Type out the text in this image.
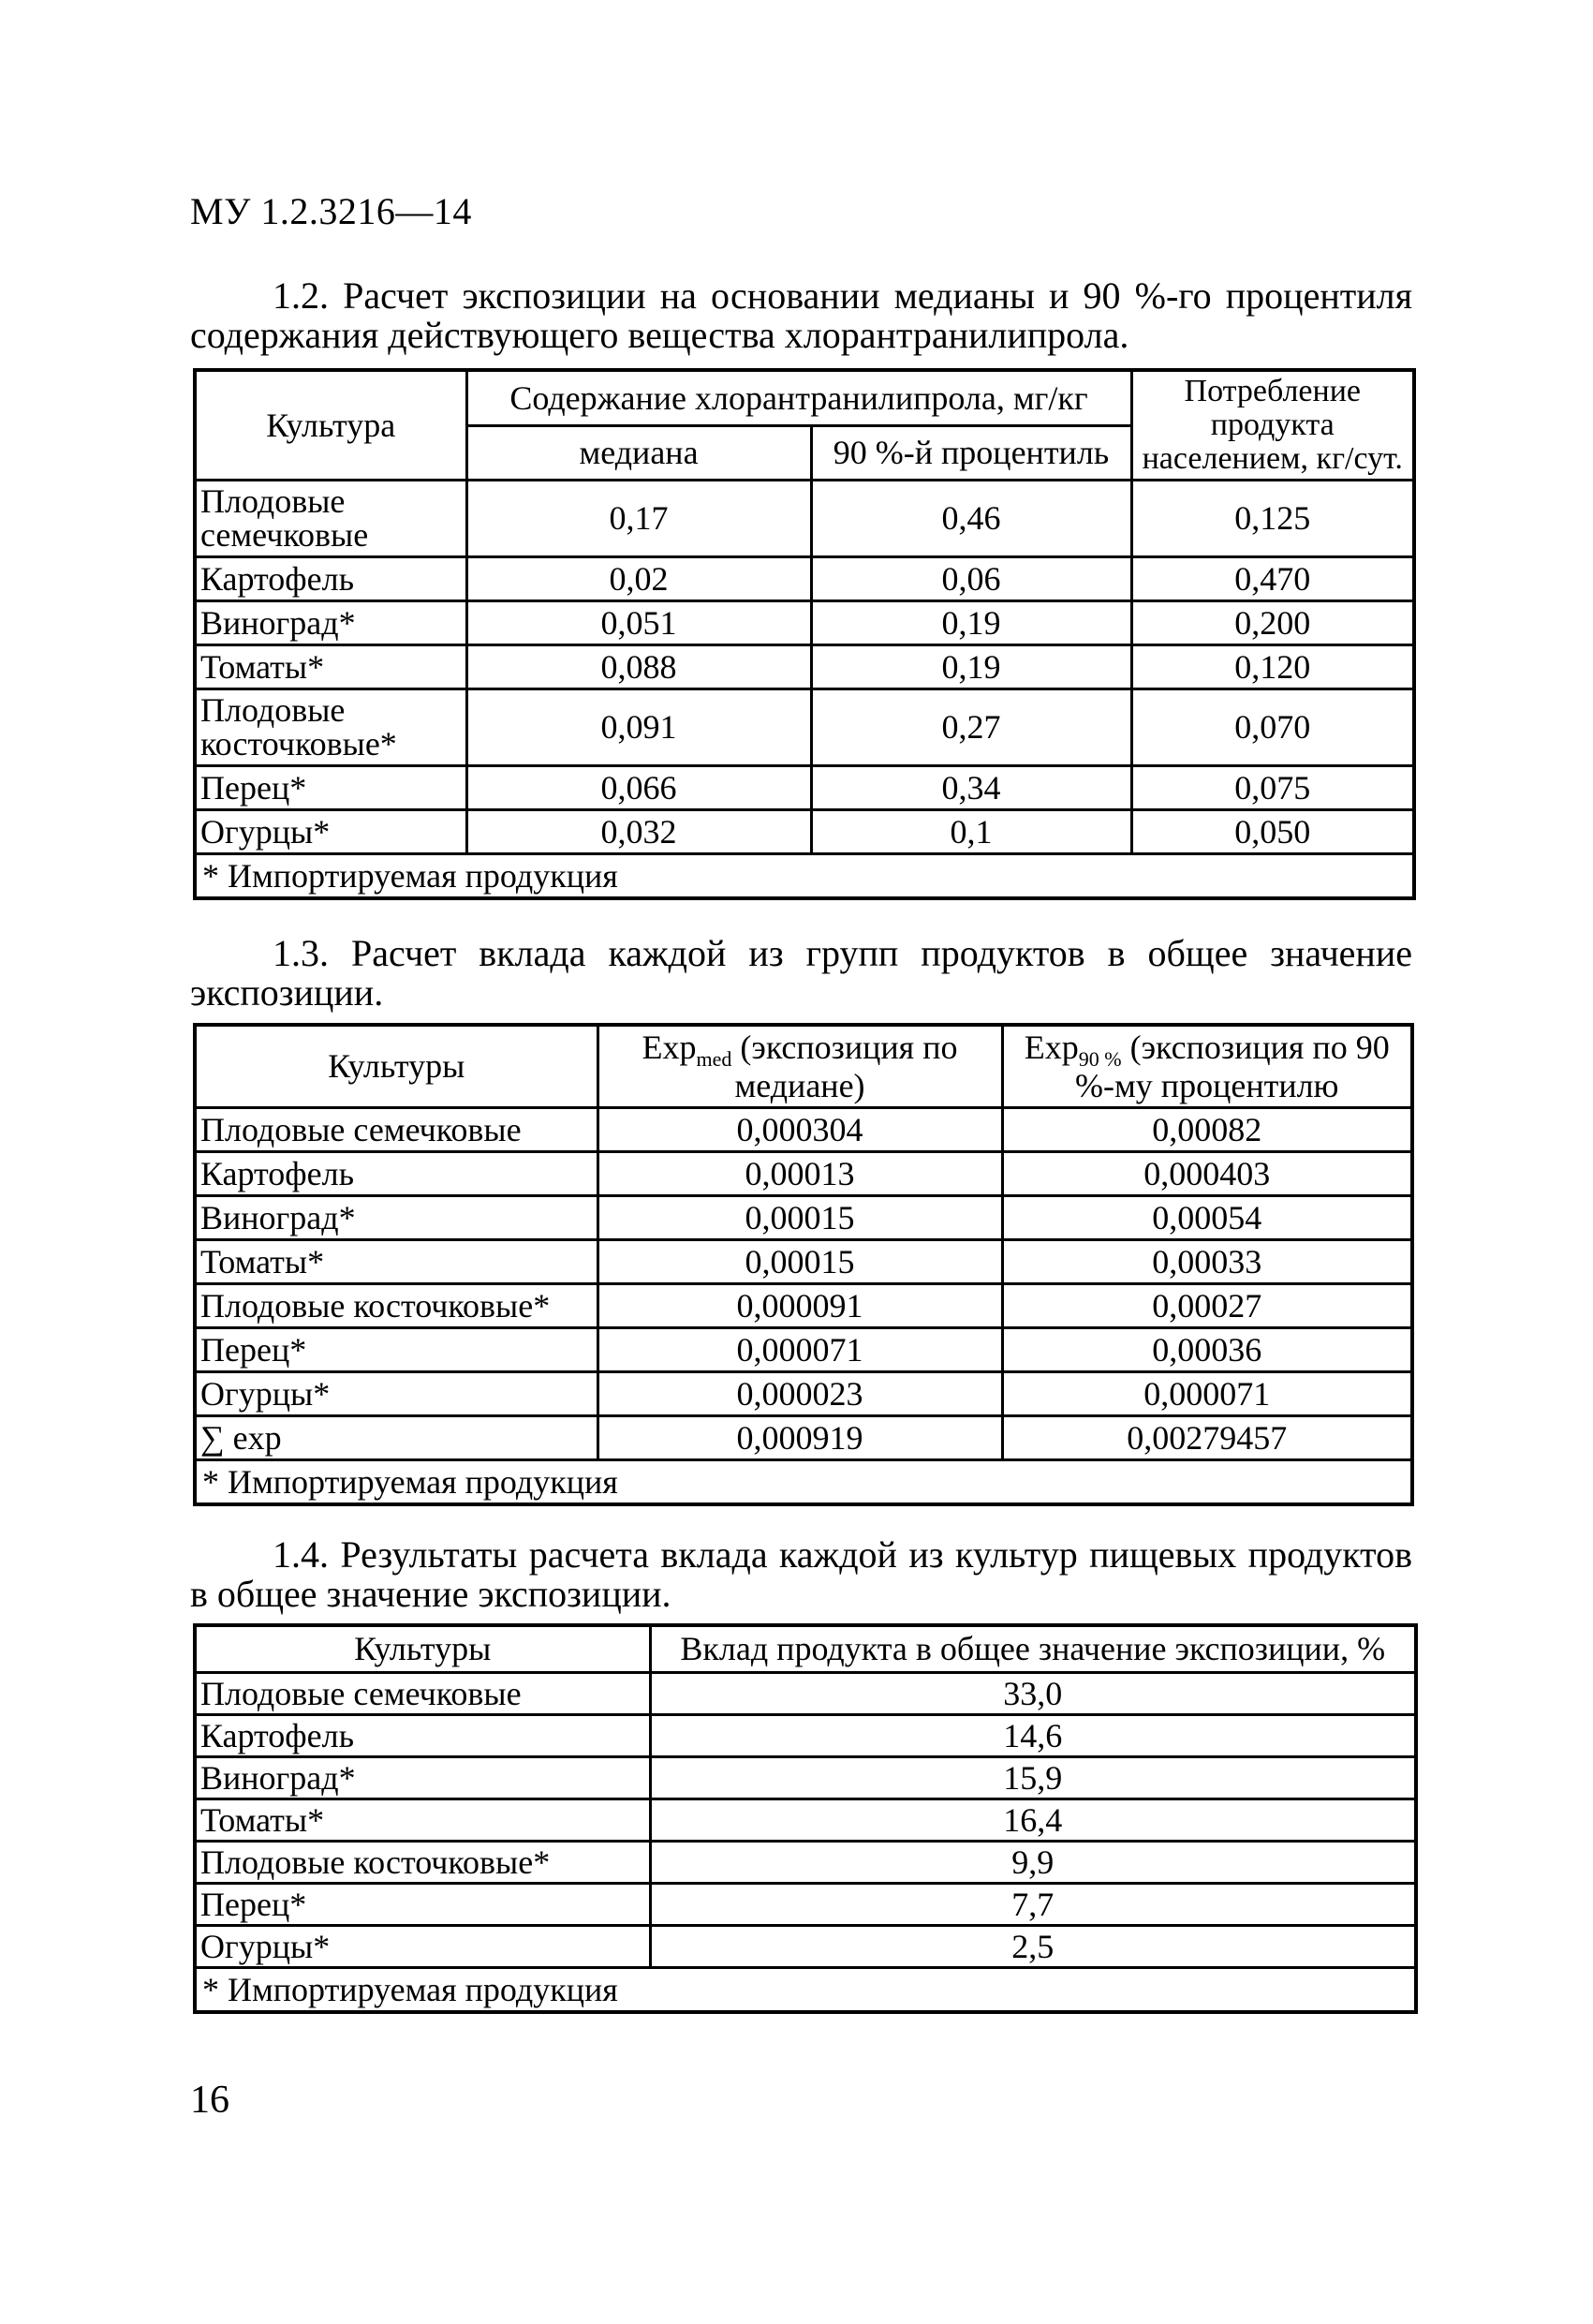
МУ 1.2.3216—14
1.2. Расчет экспозиции на основании медианы и 90 %-го процентиля содержания действующего вещества хлорантранилипрола.
Культура	Содержание хлорантранилипрола, мг/кг		Потребление продукта населением, кг/сут.
	медиана	90 %-й процентиль	
Плодовые семечковые	0,17	0,46	0,125
Картофель	0,02	0,06	0,470
Виноград*	0,051	0,19	0,200
Томаты*	0,088	0,19	0,120
Плодовые косточковые*	0,091	0,27	0,070
Перец*	0,066	0,34	0,075
Огурцы*	0,032	0,1	0,050
* Импортируемая продукция			
1.3. Расчет вклада каждой из групп продуктов в общее значение экспозиции.
Культуры	Exp$_{med}$ (экспозиция по медиане)	Exp$_{90 \%}$ (экспозиция по 90 %-му процентилю
Плодовые семечковые	0,000304	0,00082
Картофель	0,00013	0,000403
Виноград*	0,00015	0,00054
Томаты*	0,00015	0,00033
Плодовые косточковые*	0,000091	0,00027
Перец*	0,000071	0,00036
Огурцы*	0,000023	0,000071
∑ exp	0,000919	0,00279457
* Импортируемая продукция		
1.4. Результаты расчета вклада каждой из культур пищевых продуктов в общее значение экспозиции.
Культуры	Вклад продукта в общее значение экспозиции, %
Плодовые семечковые	33,0
Картофель	14,6
Виноград*	15,9
Томаты*	16,4
Плодовые косточковые*	9,9
Перец*	7,7
Огурцы*	2,5
* Импортируемая продукция	
16
